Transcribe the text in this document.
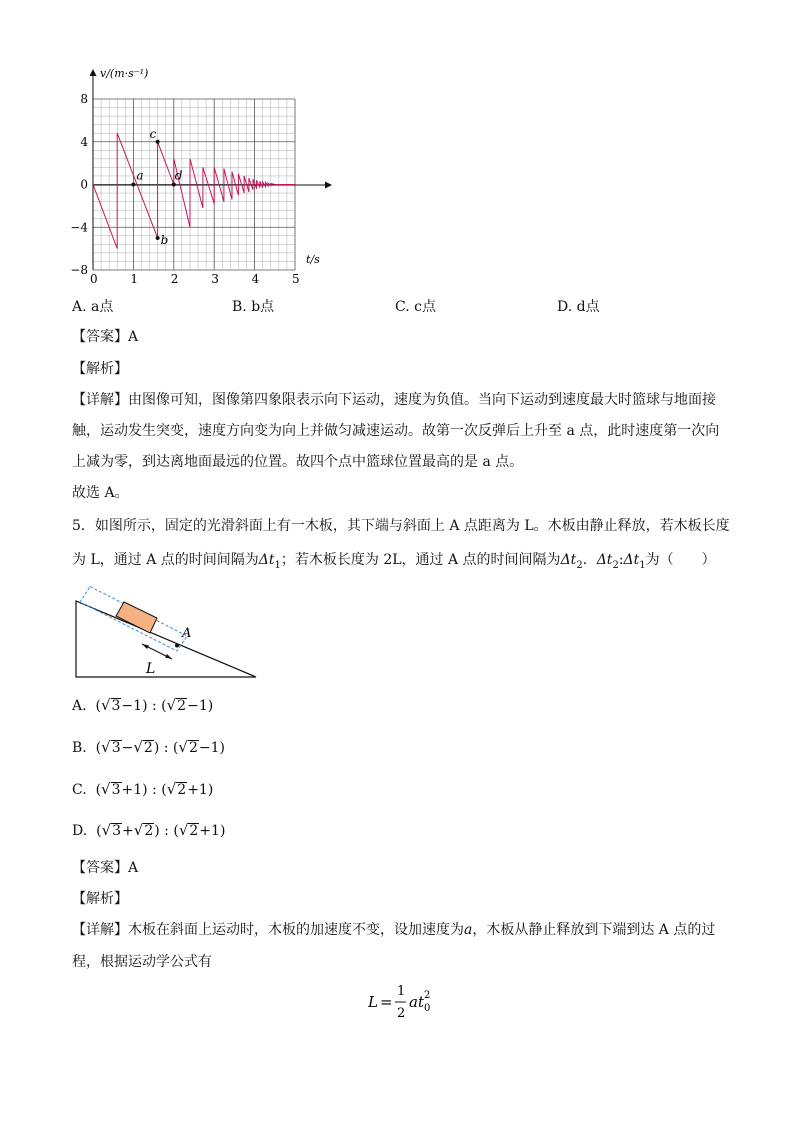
0	1	2	3	4	5
8
4
0
−4
−8
v/(m·s⁻¹)
t/s
a
b
c
d
A. a点	B. b点	C. c点	D. d点
【答案】A
【解析】
【详解】由图像可知，图像第四象限表示向下运动，速度为负值。当向下运动到速度最大时篮球与地面接
触，运动发生突变，速度方向变为向上并做匀减速运动。故第一次反弹后上升至 a 点，此时速度第一次向
上减为零，到达离地面最远的位置。故四个点中篮球位置最高的是 a 点。
故选 A。
5．如图所示，固定的光滑斜面上有一木板，其下端与斜面上 A 点距离为 L。木板由静止释放，若木板长度
为 L，通过 A 点的时间间隔为$\Delta t_1$；若木板长度为 2L，通过 A 点的时间间隔为$\Delta t_2$．$\Delta t_2:\Delta t_1$为（　　）
A
L
A.  (√3−1) : (√2−1)
B.  (√3−√2) : (√2−1)
C.  (√3+1) : (√2+1)
D.  (√3+√2) : (√2+1)
【答案】A
【解析】
【详解】木板在斜面上运动时，木板的加速度不变，设加速度为a，木板从静止释放到下端到达 A 点的过
程，根据运动学公式有
L =
1
2
a t 2
0
